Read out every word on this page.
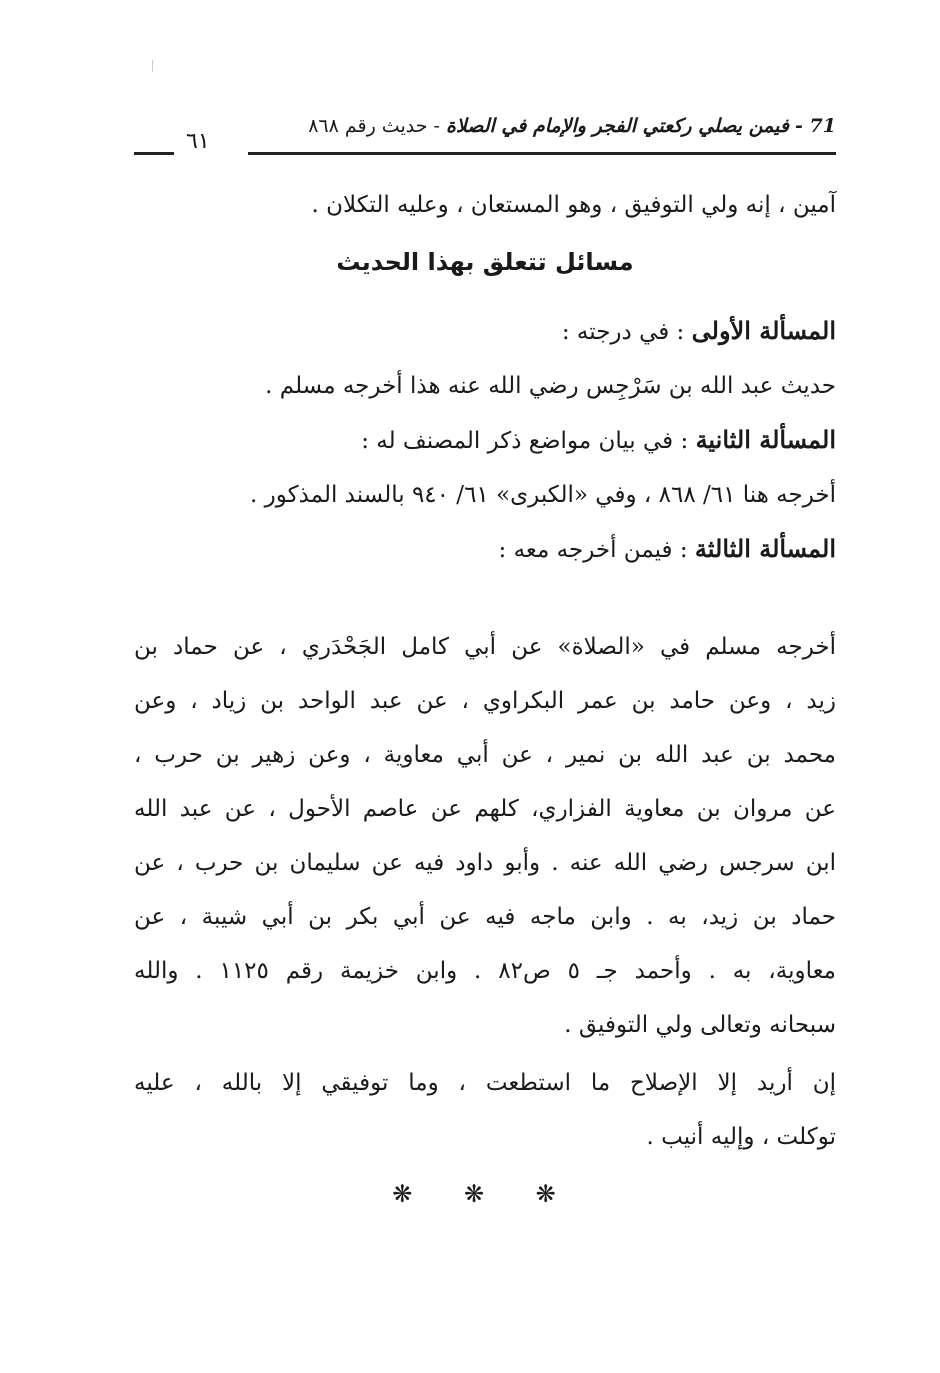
71 - فيمن يصلي ركعتي الفجر والإمام في الصلاة - حديث رقم ٨٦٨
٦١
آمين ، إنه ولي التوفيق ، وهو المستعان ، وعليه التكلان .
مسائل تتعلق بهذا الحديث
المسألة الأولى : في درجته :
حديث عبد الله بن سَرْجِس رضي الله عنه هذا أخرجه مسلم .
المسألة الثانية : في بيان مواضع ذكر المصنف له :
أخرجه هنا ٦١/ ٨٦٨ ، وفي «الكبرى» ٦١/ ٩٤٠ بالسند المذكور .
المسألة الثالثة : فيمن أخرجه معه :
أخرجه مسلم في «الصلاة» عن أبي كامل الجَحْدَري ، عن حماد بن
زيد ، وعن حامد بن عمر البكراوي ، عن عبد الواحد بن زياد ، وعن
محمد بن عبد الله بن نمير ، عن أبي معاوية ، وعن زهير بن حرب ،
عن مروان بن معاوية الفزاري، كلهم عن عاصم الأحول ، عن عبد الله
ابن سرجس رضي الله عنه . وأبو داود فيه عن سليمان بن حرب ، عن
حماد بن زيد، به . وابن ماجه فيه عن أبي بكر بن أبي شيبة ، عن
معاوية، به . وأحمد جـ ٥ ص٨٢ . وابن خزيمة رقم ١١٢٥ . والله
سبحانه وتعالى ولي التوفيق .
إن أريد إلا الإصلاح ما استطعت ، وما توفيقي إلا بالله ، عليه
توكلت ، وإليه أنيب .
❋ ❋ ❋
